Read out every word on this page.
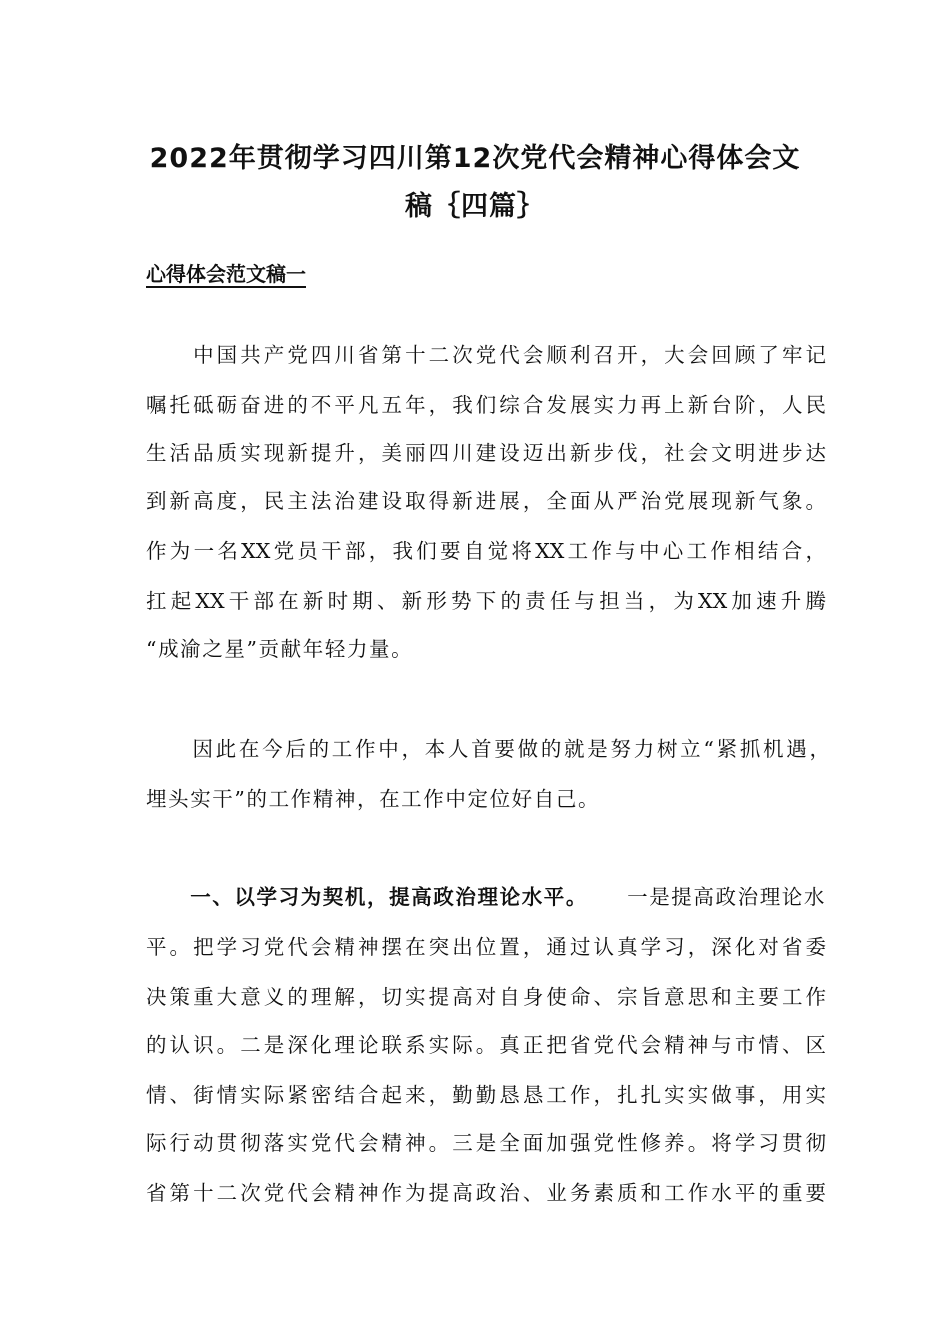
2022年贯彻学习四川第12次党代会精神心得体会文
稿｛四篇｝
心得体会范文稿一
　　中国共产党四川省第十二次党代会顺利召开，大会回顾了牢记
嘱托砥砺奋进的不平凡五年，我们综合发展实力再上新台阶，人民
生活品质实现新提升，美丽四川建设迈出新步伐，社会文明进步达
到新高度，民主法治建设取得新进展，全面从严治党展现新气象。
作为一名XX党员干部，我们要自觉将XX工作与中心工作相结合，
扛起XX干部在新时期、新形势下的责任与担当，为XX加速升腾
“成渝之星”贡献年轻力量。
　　因此在今后的工作中，本人首要做的就是努力树立“紧抓机遇，
埋头实干”的工作精神，在工作中定位好自己。
　　一、以学习为契机，提高政治理论水平。 一是提高政治理论水
平。把学习党代会精神摆在突出位置，通过认真学习，深化对省委
决策重大意义的理解，切实提高对自身使命、宗旨意思和主要工作
的认识。二是深化理论联系实际。真正把省党代会精神与市情、区
情、街情实际紧密结合起来，勤勤恳恳工作，扎扎实实做事，用实
际行动贯彻落实党代会精神。三是全面加强党性修养。将学习贯彻
省第十二次党代会精神作为提高政治、业务素质和工作水平的重要
